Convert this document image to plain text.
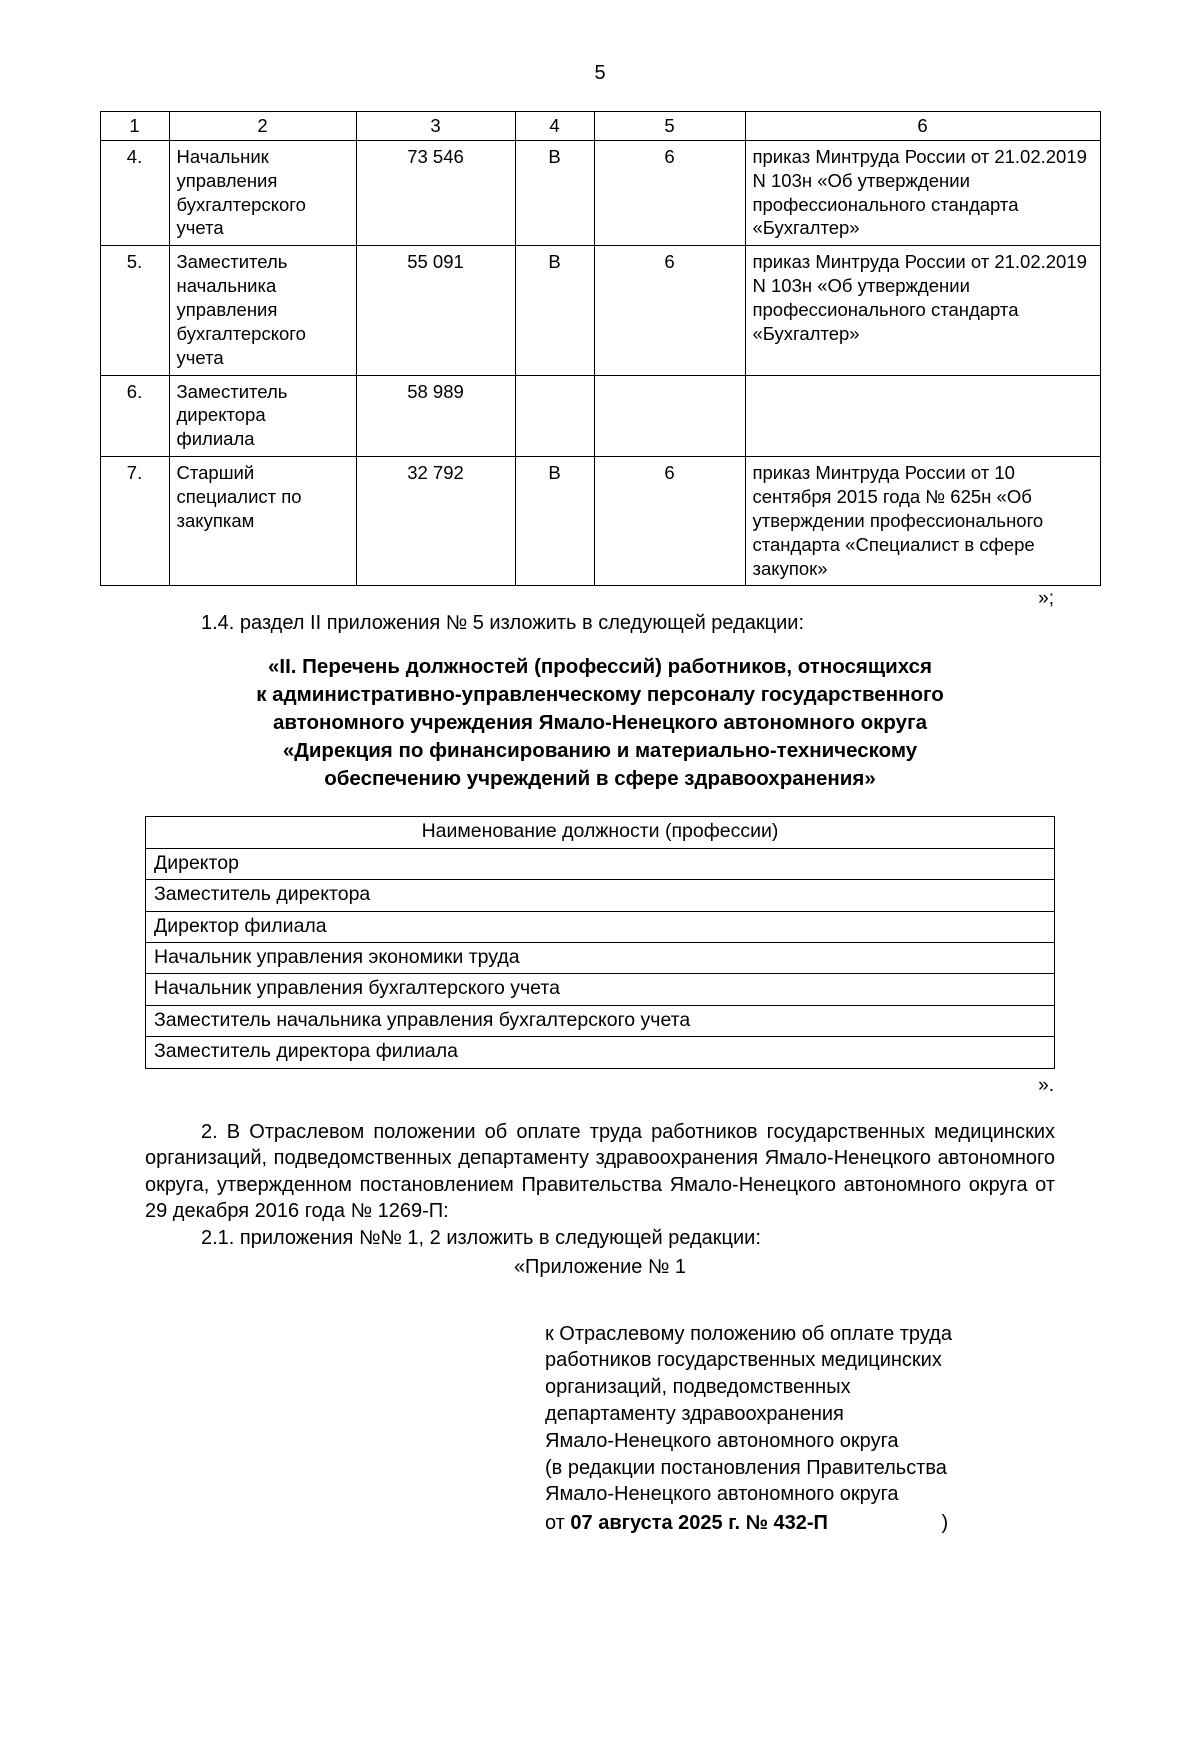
5
1	2	3	4	5	6
4.	Начальник управления бухгалтерского учета	73 546	В	6	приказ Минтруда России от 21.02.2019 N 103н «Об утверждении профессионального стандарта «Бухгалтер»
5.	Заместитель начальника управления бухгалтерского учета	55 091	В	6	приказ Минтруда России от 21.02.2019 N 103н «Об утверждении профессионального стандарта «Бухгалтер»
6.	Заместитель директора филиала	58 989			
7.	Старший специалист по закупкам	32 792	В	6	приказ Минтруда России от 10 сентября 2015 года № 625н «Об утверждении профессионального стандарта «Специалист в сфере закупок»
»;

1.4. раздел II приложения № 5 изложить в следующей редакции:

«II. Перечень должностей (профессий) работников, относящихся
к административно-управленческому персоналу государственного
автономного учреждения Ямало-Ненецкого автономного округа
«Дирекция по финансированию и материально-техническому
обеспечению учреждений в сфере здравоохранения»
Наименование должности (профессии)
Директор
Заместитель директора
Директор филиала
Начальник управления экономики труда
Начальник управления бухгалтерского учета
Заместитель начальника управления бухгалтерского учета
Заместитель директора филиала
».

2. В Отраслевом положении об оплате труда работников государственных медицинских организаций, подведомственных департаменту здравоохранения Ямало-Ненецкого автономного округа, утвержденном постановлением Правительства Ямало-Ненецкого автономного округа от 29 декабря 2016 года № 1269-П:

2.1. приложения №№ 1, 2 изложить в следующей редакции:

«Приложение № 1
к Отраслевому положению об оплате труда
работников государственных медицинских
организаций, подведомственных
департаменту здравоохранения
Ямало-Ненецкого автономного округа
(в редакции постановления Правительства
Ямало-Ненецкого автономного округа
от 07 августа 2025 г. № 432-П	)
